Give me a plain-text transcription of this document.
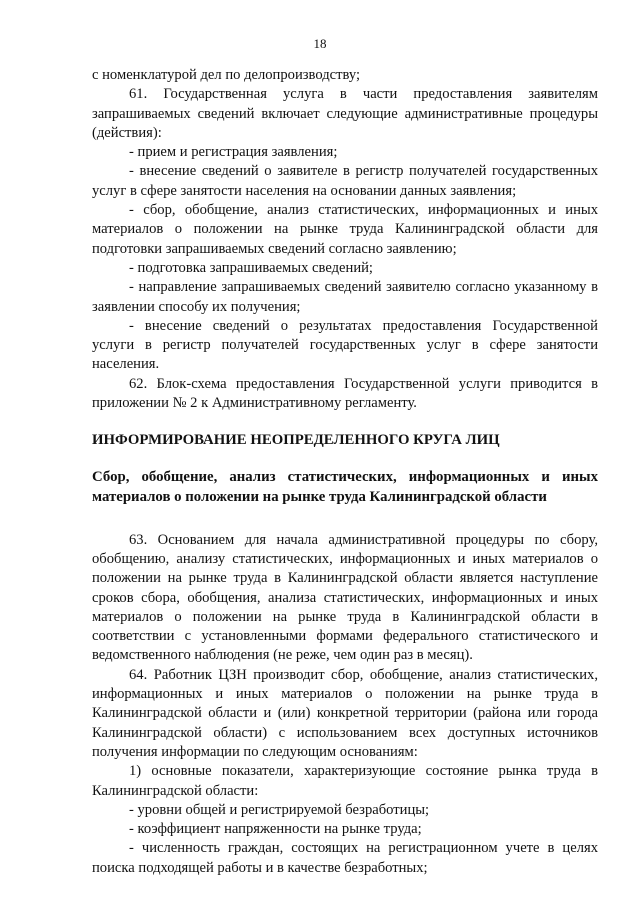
18

с номенклатурой дел по делопроизводству;

61. Государственная услуга в части предоставления заявителям запрашиваемых сведений включает следующие административные процедуры (действия):

- прием и регистрация заявления;

- внесение сведений о заявителе в регистр получателей государственных услуг в сфере занятости населения на основании данных заявления;

- сбор, обобщение, анализ статистических, информационных и иных материалов о положении на рынке труда Калининградской области для подготовки запрашиваемых сведений согласно заявлению;

- подготовка запрашиваемых сведений;

- направление запрашиваемых сведений заявителю согласно указанному в заявлении способу их получения;

- внесение сведений о результатах предоставления Государственной услуги в регистр получателей государственных услуг в сфере занятости населения.

62. Блок-схема предоставления Государственной услуги приводится в приложении № 2 к Административному регламенту.

ИНФОРМИРОВАНИЕ НЕОПРЕДЕЛЕННОГО КРУГА ЛИЦ

Сбор, обобщение, анализ статистических, информационных и иных материалов о положении на рынке труда Калининградской области

63. Основанием для начала административной процедуры по сбору, обобщению, анализу статистических, информационных и иных материалов о положении на рынке труда в Калининградской области является наступление сроков сбора, обобщения, анализа статистических, информационных и иных материалов о положении на рынке труда в Калининградской области в соответствии с установленными формами федерального статистического и ведомственного наблюдения (не реже, чем один раз в месяц).

64. Работник ЦЗН производит сбор, обобщение, анализ статистических, информационных и иных материалов о положении на рынке труда в Калининградской области и (или) конкретной территории (района или города Калининградской области) с использованием всех доступных источников получения информации по следующим основаниям:

1) основные показатели, характеризующие состояние рынка труда в Калининградской области:

- уровни общей и регистрируемой безработицы;

- коэффициент напряженности на рынке труда;

- численность граждан, состоящих на регистрационном учете в целях поиска подходящей работы и в качестве безработных;
